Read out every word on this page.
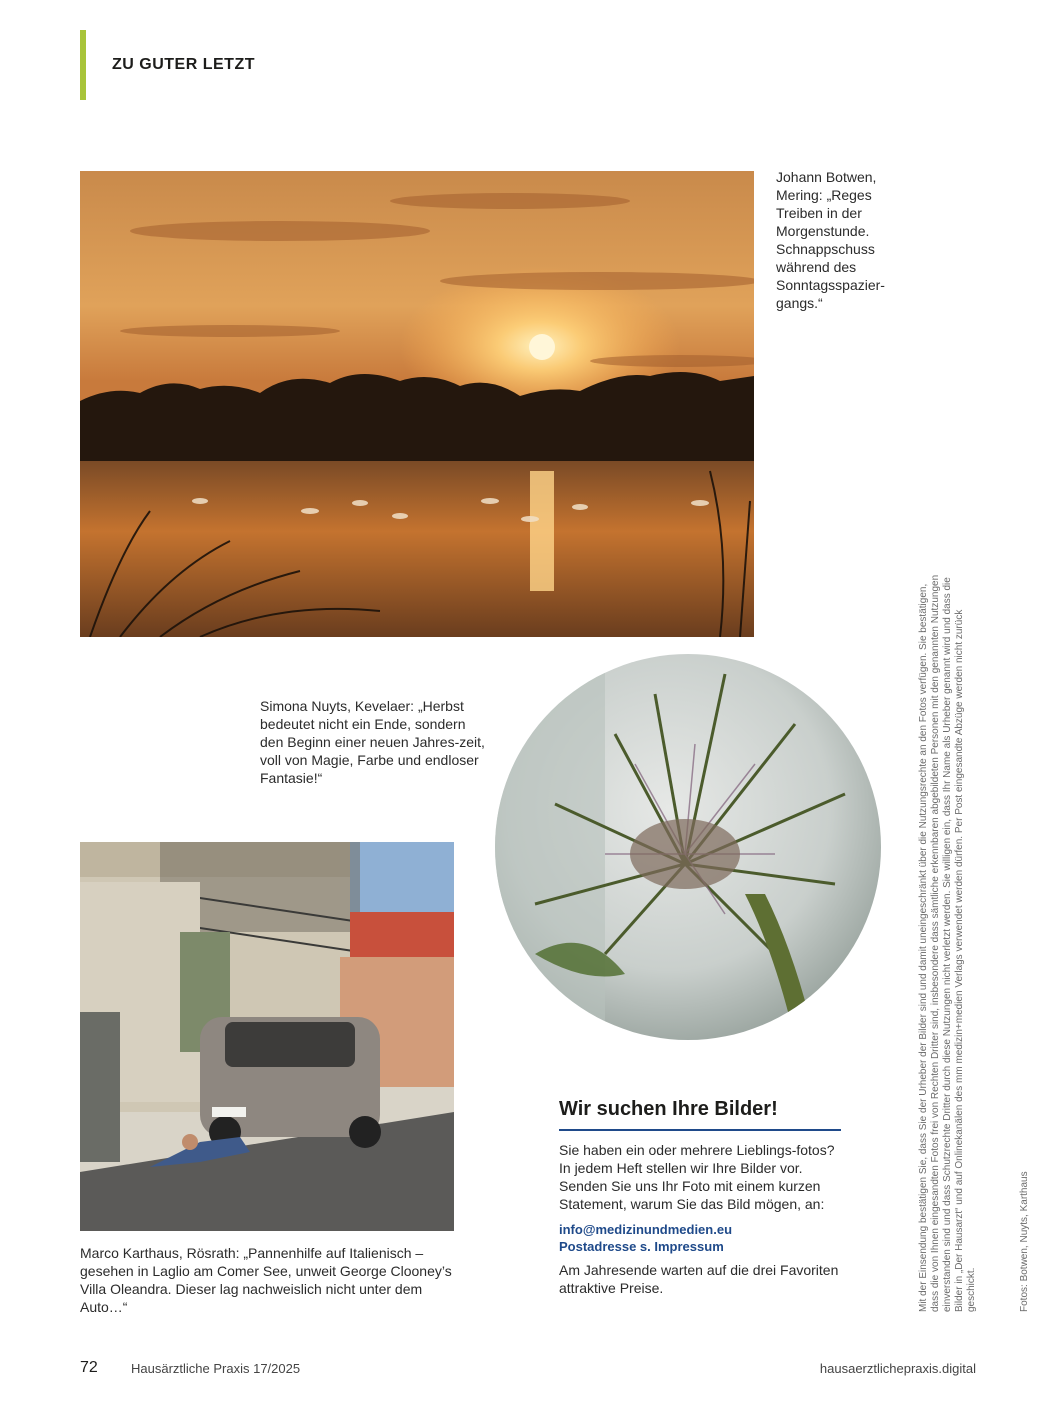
ZU GUTER LETZT
Johann Botwen, Mering: „Reges Treiben in der Morgenstunde. Schnappschuss während des Sonntagsspazier-gangs.“
Simona Nuyts, Kevelaer: „Herbst bedeutet nicht ein Ende, sondern den Beginn einer neuen Jahres-zeit, voll von Magie, Farbe und endloser Fantasie!“
Marco Karthaus, Rösrath: „Pannenhilfe auf Italienisch – gesehen in Laglio am Comer See, unweit George Clooney’s Villa Oleandra. Dieser lag nachweislich nicht unter dem Auto…“
Wir suchen Ihre Bilder!

Sie haben ein oder mehrere Lieblings-fotos? In jedem Heft stellen wir Ihre Bilder vor. Senden Sie uns Ihr Foto mit einem kurzen Statement, warum Sie das Bild mögen, an:

info@medizinundmedien.eu
Postadresse s. Impressum

Am Jahresende warten auf die drei Favoriten attraktive Preise.	Mit der Einsendung bestätigen Sie, dass Sie der Urheber der Bilder sind und damit uneingeschränkt über die Nutzungsrechte an den Fotos verfügen. Sie bestätigen, dass die von Ihnen eingesandten Fotos frei von Rechten Dritter sind, insbesondere dass sämtliche erkennbaren abgebildeten Personen mit den genannten Nutzungen einverstanden sind und dass Schutzrechte Dritter durch diese Nutzungen nicht verletzt werden. Sie willigen ein, dass Ihr Name als Urheber genannt wird und dass die Bilder in „Der Hausarzt“ und auf Onlinekanälen des mm medizin+medien Verlags verwendet werden dürfen. Per Post eingesandte Abzüge werden nicht zurück geschickt.	Fotos: Botwen, Nuyts, Karthaus
72	Hausärztliche Praxis 17/2025	hausaerztlichepraxis.digital
